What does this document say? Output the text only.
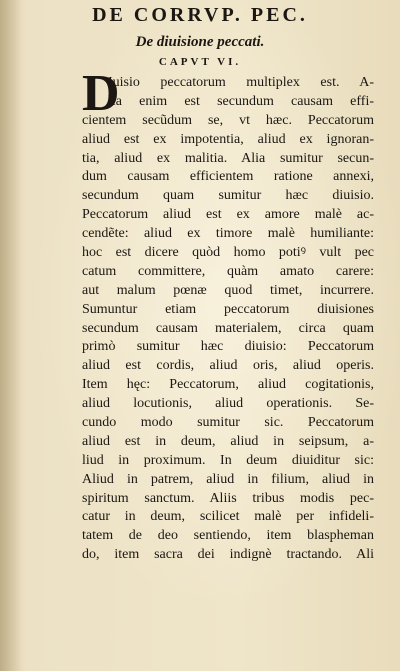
DE CORRVP. PEC.
De diuisione peccati.
CAPVT VI.
D
Iuisio peccatorum multiplex est. A-
lia enim est secundum causam effi-
cientem secũdum se, vt hæc. Peccatorum
aliud est ex impotentia, aliud ex ignoran-
tia, aliud ex malitia. Alia sumitur secun-
dum causam efficientem ratione annexi,
secundum quam sumitur hæc diuisio.
Peccatorum aliud est ex amore malè ac-
cendẽte: aliud ex timore malè humiliante:
hoc est dicere quòd homo potiꝰ vult pec
catum committere, quàm amato carere:
aut malum pœnæ quod timet, incurrere.
Sumuntur etiam peccatorum diuisiones
secundum causam materialem, circa quam
primò sumitur hæc diuisio: Peccatorum
aliud est cordis, aliud oris, aliud operis.
Item hęc: Peccatorum, aliud cogitationis,
aliud locutionis, aliud operationis. Se-
cundo modo sumitur sic. Peccatorum
aliud est in deum, aliud in seipsum, a-
liud in proximum. In deum diuiditur sic:
Aliud in patrem, aliud in filium, aliud in
spiritum sanctum. Aliis tribus modis pec-
catur in deum, scilicet malè per infideli-
tatem de deo sentiendo, item blaspheman
do, item sacra dei indignè tractando. Ali
